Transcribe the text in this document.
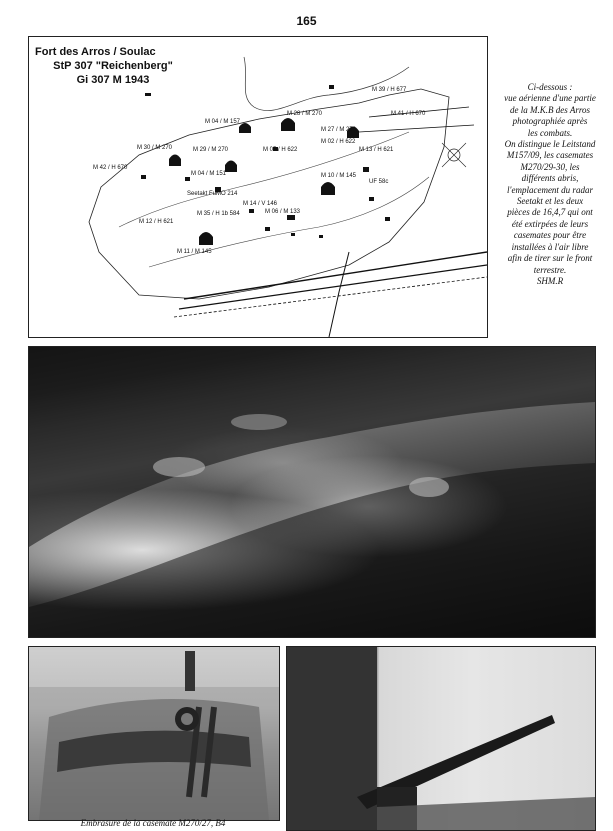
165
M 39 / H 677
M 41 / H 670
M 04 / M 157
M 28 / M 270
M 27 / M 270
M 30 / M 270	M 29 / M 270
M 02 / H 622
M 05 / H 622	M 13 / H 621
M 42 / H 670
M 04 / M 151	M 10 / M 145
Seetakt FuMO 214
UF 58c
M 35 / H 1b 584
M 14 / V 146
M 12 / H 621
M 06 / M 133
M 11 / M 145
Fort des Arros / Soulac
StP 307 "Reichenberg"
Gi 307 M 1943
Ci-dessous :
vue aérienne d'une partie
de la M.K.B des Arros
photographiée après
les combats.
On distingue le Leitstand
M157/09, les casemates
M270/29-30, les
différents abris,
l'emplacement du radar
Seetakt et les deux
pièces de 16,4,7 qui ont
été extirpées de leurs
casemates pour être
installées à l'air libre
afin de tirer sur le front
terrestre.
SHM.R
Embrasure de la casemate M270/27, B4
